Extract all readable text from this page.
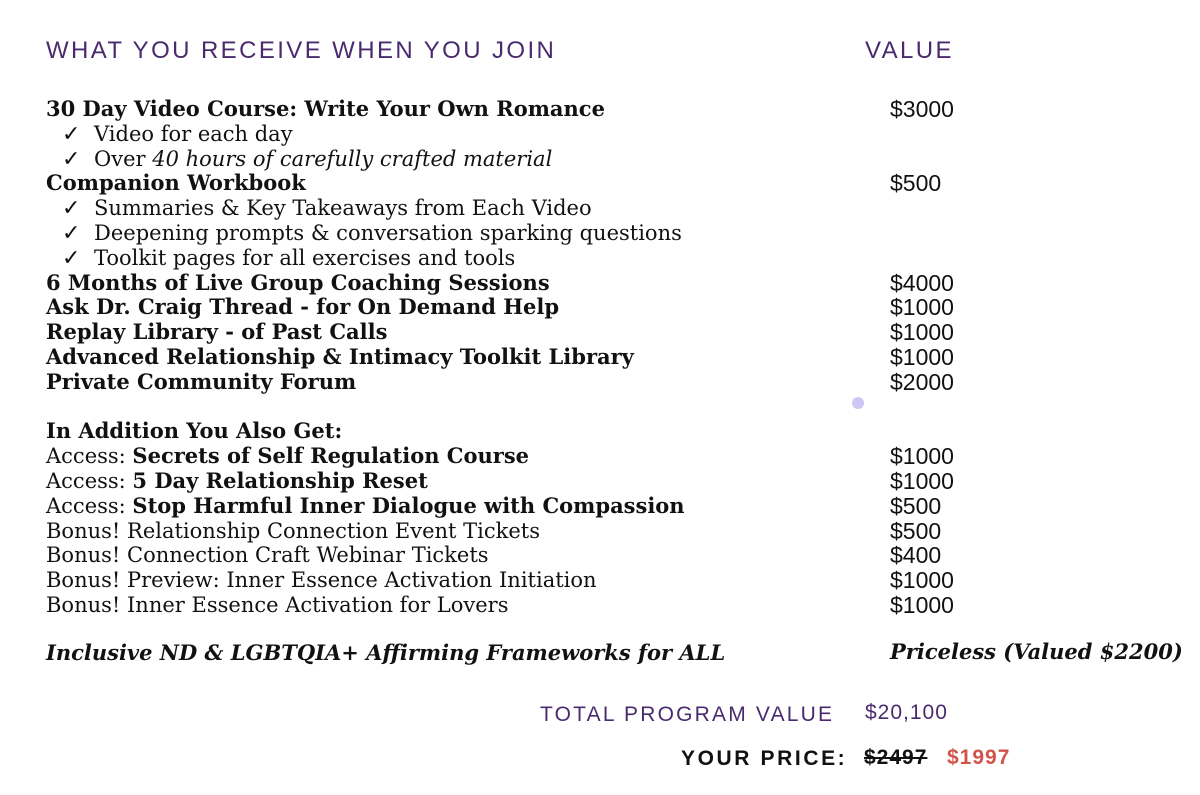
WHAT YOU RECEIVE WHEN YOU JOIN	VALUE
30 Day Video Course: Write Your Own Romance
✓ Video for each day
✓ Over 40 hours of carefully crafted material
Companion Workbook
✓ Summaries & Key Takeaways from Each Video
✓ Deepening prompts & conversation sparking questions
✓ Toolkit pages for all exercises and tools
6 Months of Live Group Coaching Sessions
Ask Dr. Craig Thread - for On Demand Help
Replay Library - of Past Calls
Advanced Relationship & Intimacy Toolkit Library
Private Community Forum
In Addition You Also Get:
Access: Secrets of Self Regulation Course
Access: 5 Day Relationship Reset
Access: Stop Harmful Inner Dialogue with Compassion
Bonus! Relationship Connection Event Tickets
Bonus! Connection Craft Webinar Tickets
Bonus! Preview: Inner Essence Activation Initiation
Bonus! Inner Essence Activation for Lovers
$3000
$500
$4000
$1000
$1000
$1000
$2000
$1000
$1000
$500
$500
$400
$1000
$1000
Inclusive ND & LGBTQIA+ Affirming Frameworks for ALL	Priceless (Valued $2200)
TOTAL PROGRAM VALUE $20,100
YOUR PRICE: $2497 $1997
